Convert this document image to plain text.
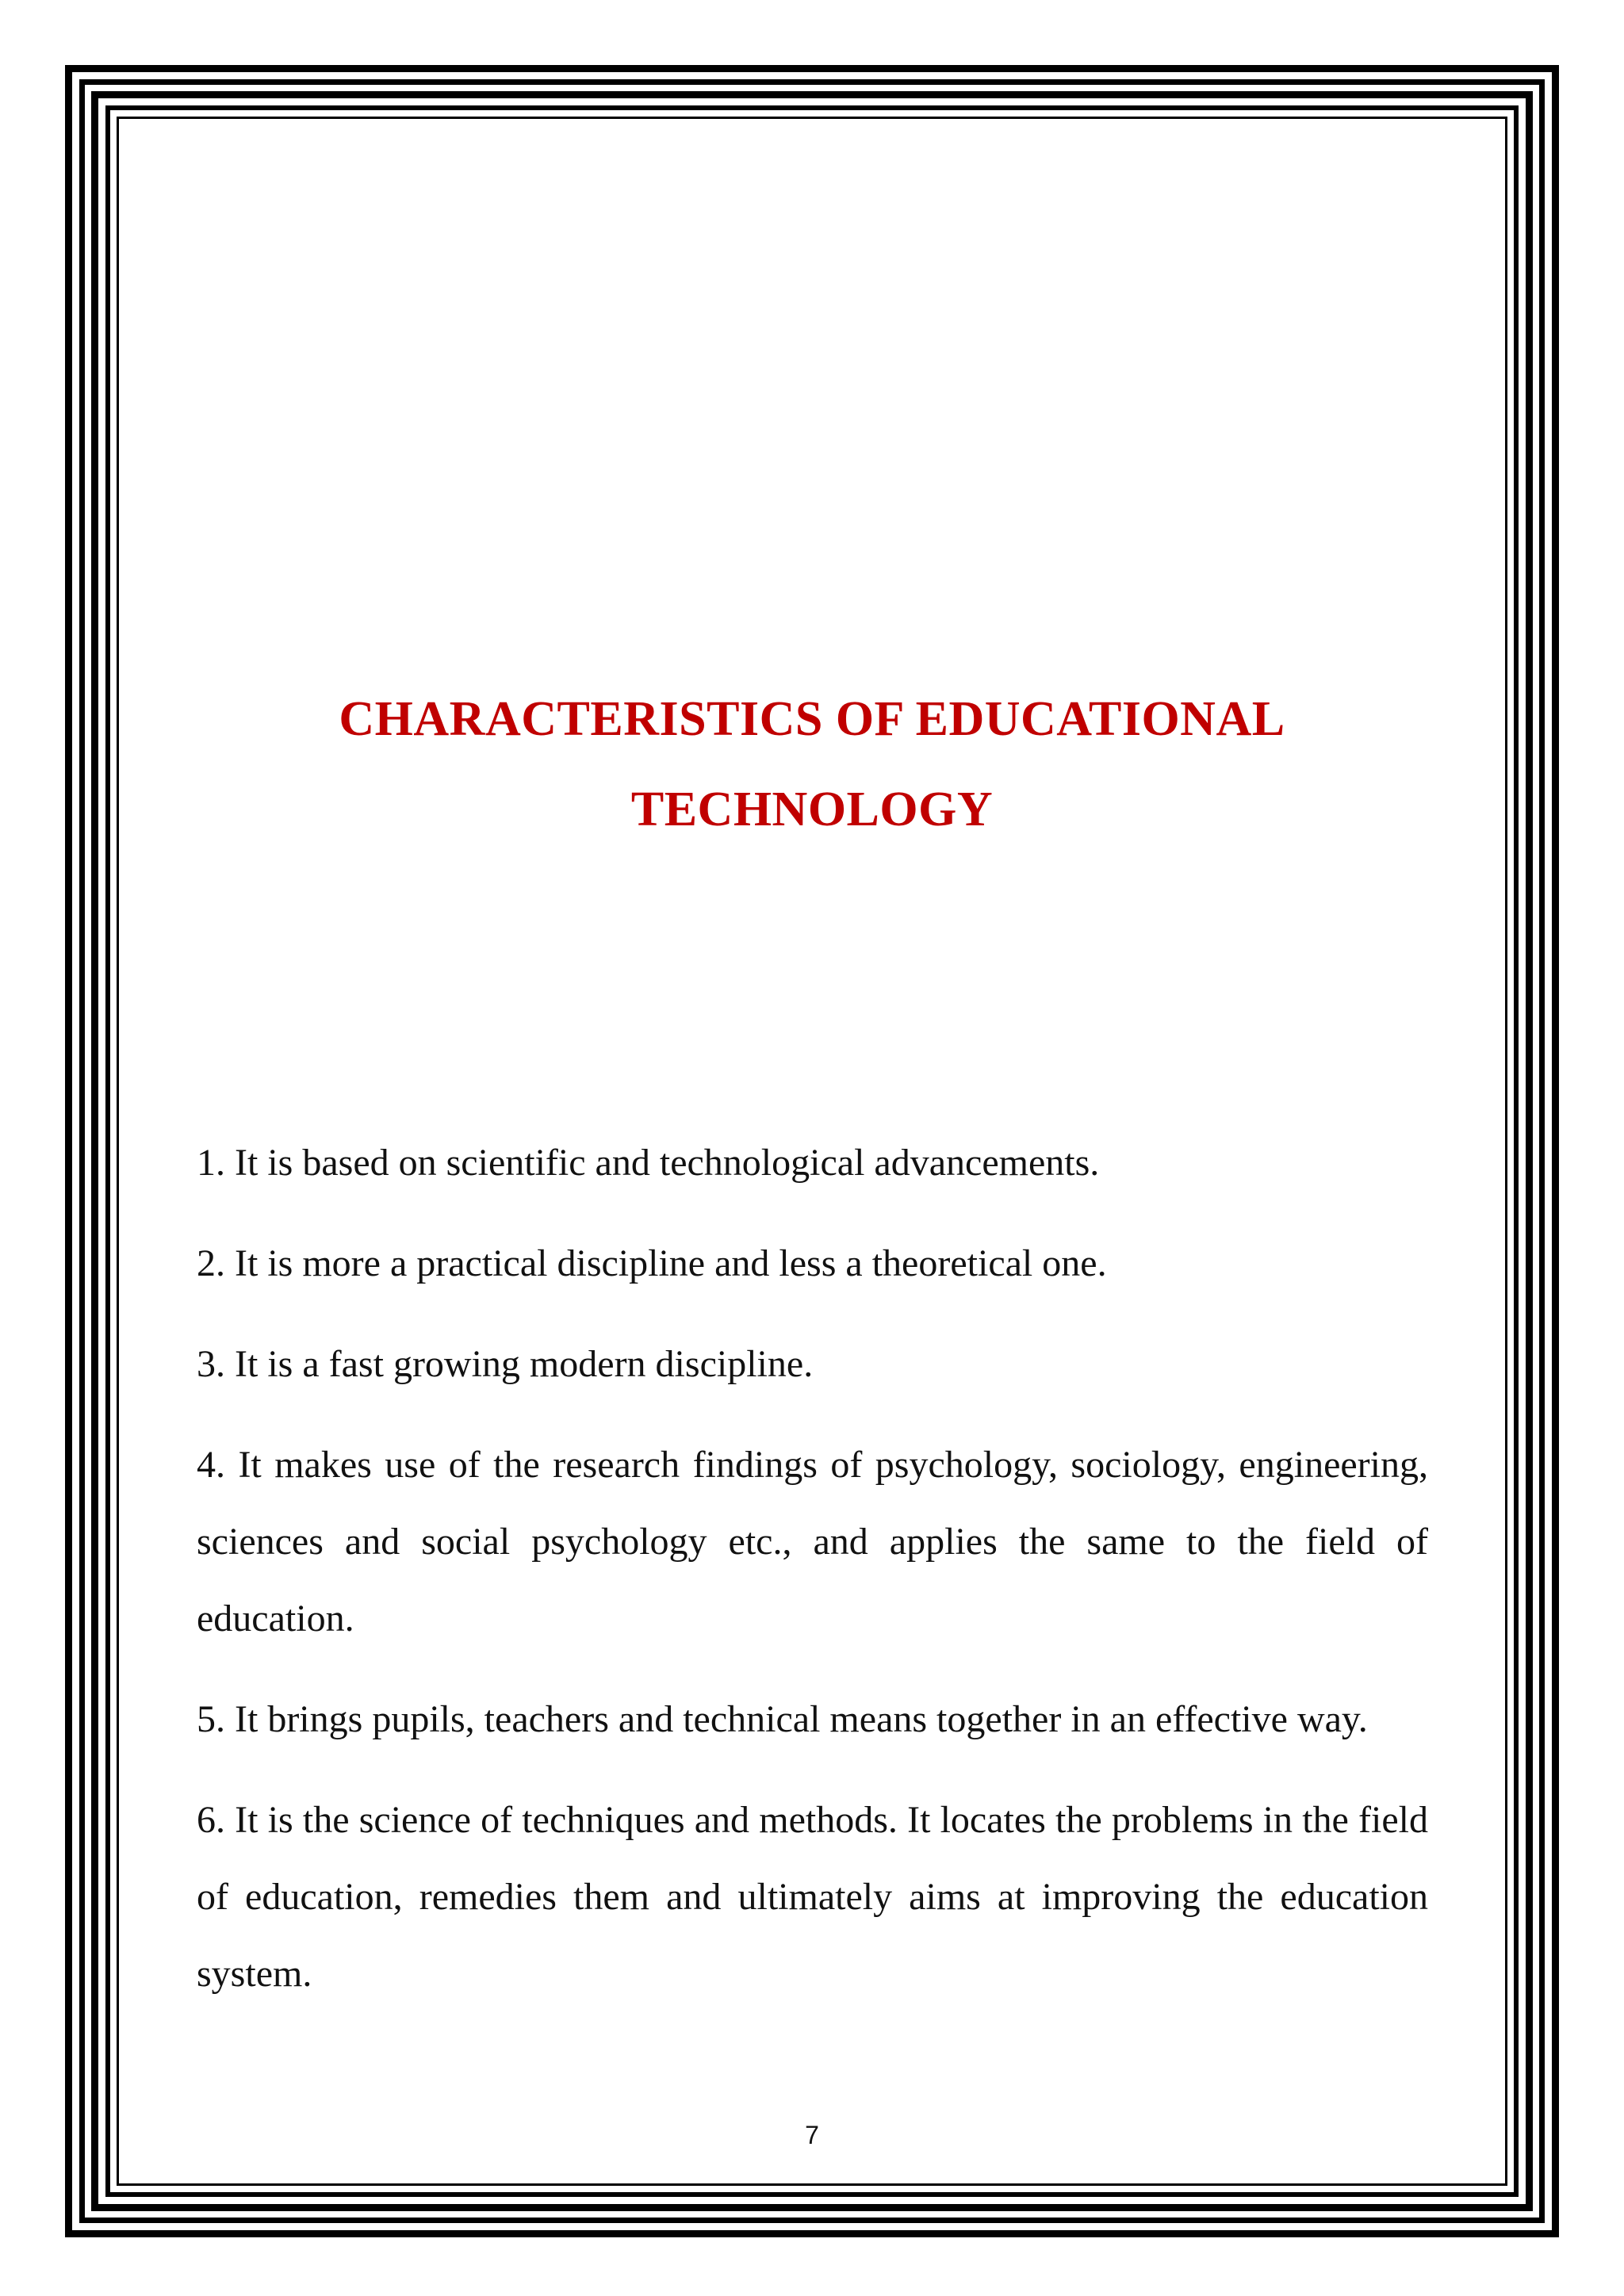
CHARACTERISTICS OF EDUCATIONAL
TECHNOLOGY
1. It is based on scientific and technological advancements.
2. It is more a practical discipline and less a theoretical one.
3. It is a fast growing modern discipline.
4. It makes use of the research findings of psychology, sociology, engineering, sciences and social psychology etc., and applies the same to the field of education.
5. It brings pupils, teachers and technical means together in an effective way.
6. It is the science of techniques and methods. It locates the problems in the field of education, remedies them and ultimately aims at improving the education system.
7
